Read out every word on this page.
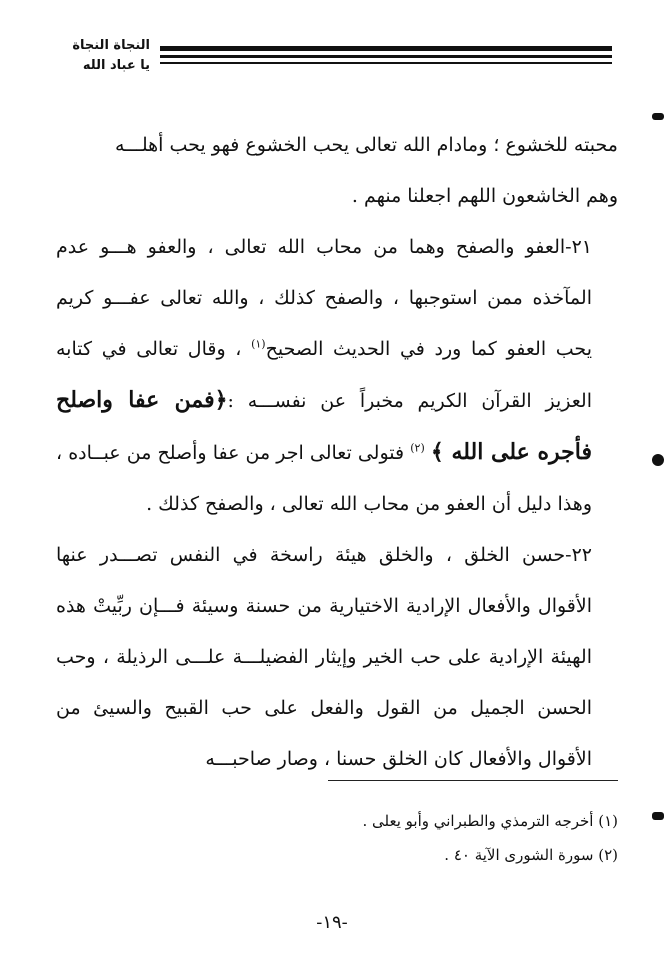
النجاة النجاة
يا عباد الله

محبته للخشوع ؛ ومادام الله تعالى يحب الخشوع فهو يحب أهلـــه

وهم الخاشعون اللهم اجعلنا منهم .

٢١-العفو والصفح وهما من محاب الله تعالى ، والعفو هـــو عدم المآخذه ممن استوجبها ، والصفح كذلك ، والله تعالى عفـــو كريم يحب العفو كما ورد في الحديث الصحيح$^{(١)}$ ، وقال تعالى في كتابه العزيز القرآن الكريم مخبراً عن نفســـه :﴿فمن عفا واصلح فأجره على الله ﴾ $^{(٢)}$ فتولى تعالى اجر من عفا وأصلح من عبــاده ، وهذا دليل أن العفو من محاب الله تعالى ، والصفح كذلك .

٢٢-حسن الخلق ، والخلق هيئة راسخة في النفس تصـــدر عنها الأقوال والأفعال الإرادية الاختيارية من حسنة وسيئة فـــإن ربِّيتْ هذه الهيئة الإرادية على حب الخير وإيثار الفضيلـــة علـــى الرذيلة ، وحب الحسن الجميل من القول والفعل على حب القبيح والسيئ من الأقوال والأفعال كان الخلق حسنا ، وصار صاحبـــه

(١) أخرجه الترمذي والطبراني وأبو يعلى .

(٢) سورة الشورى الآية ٤٠ .

-١٩-
